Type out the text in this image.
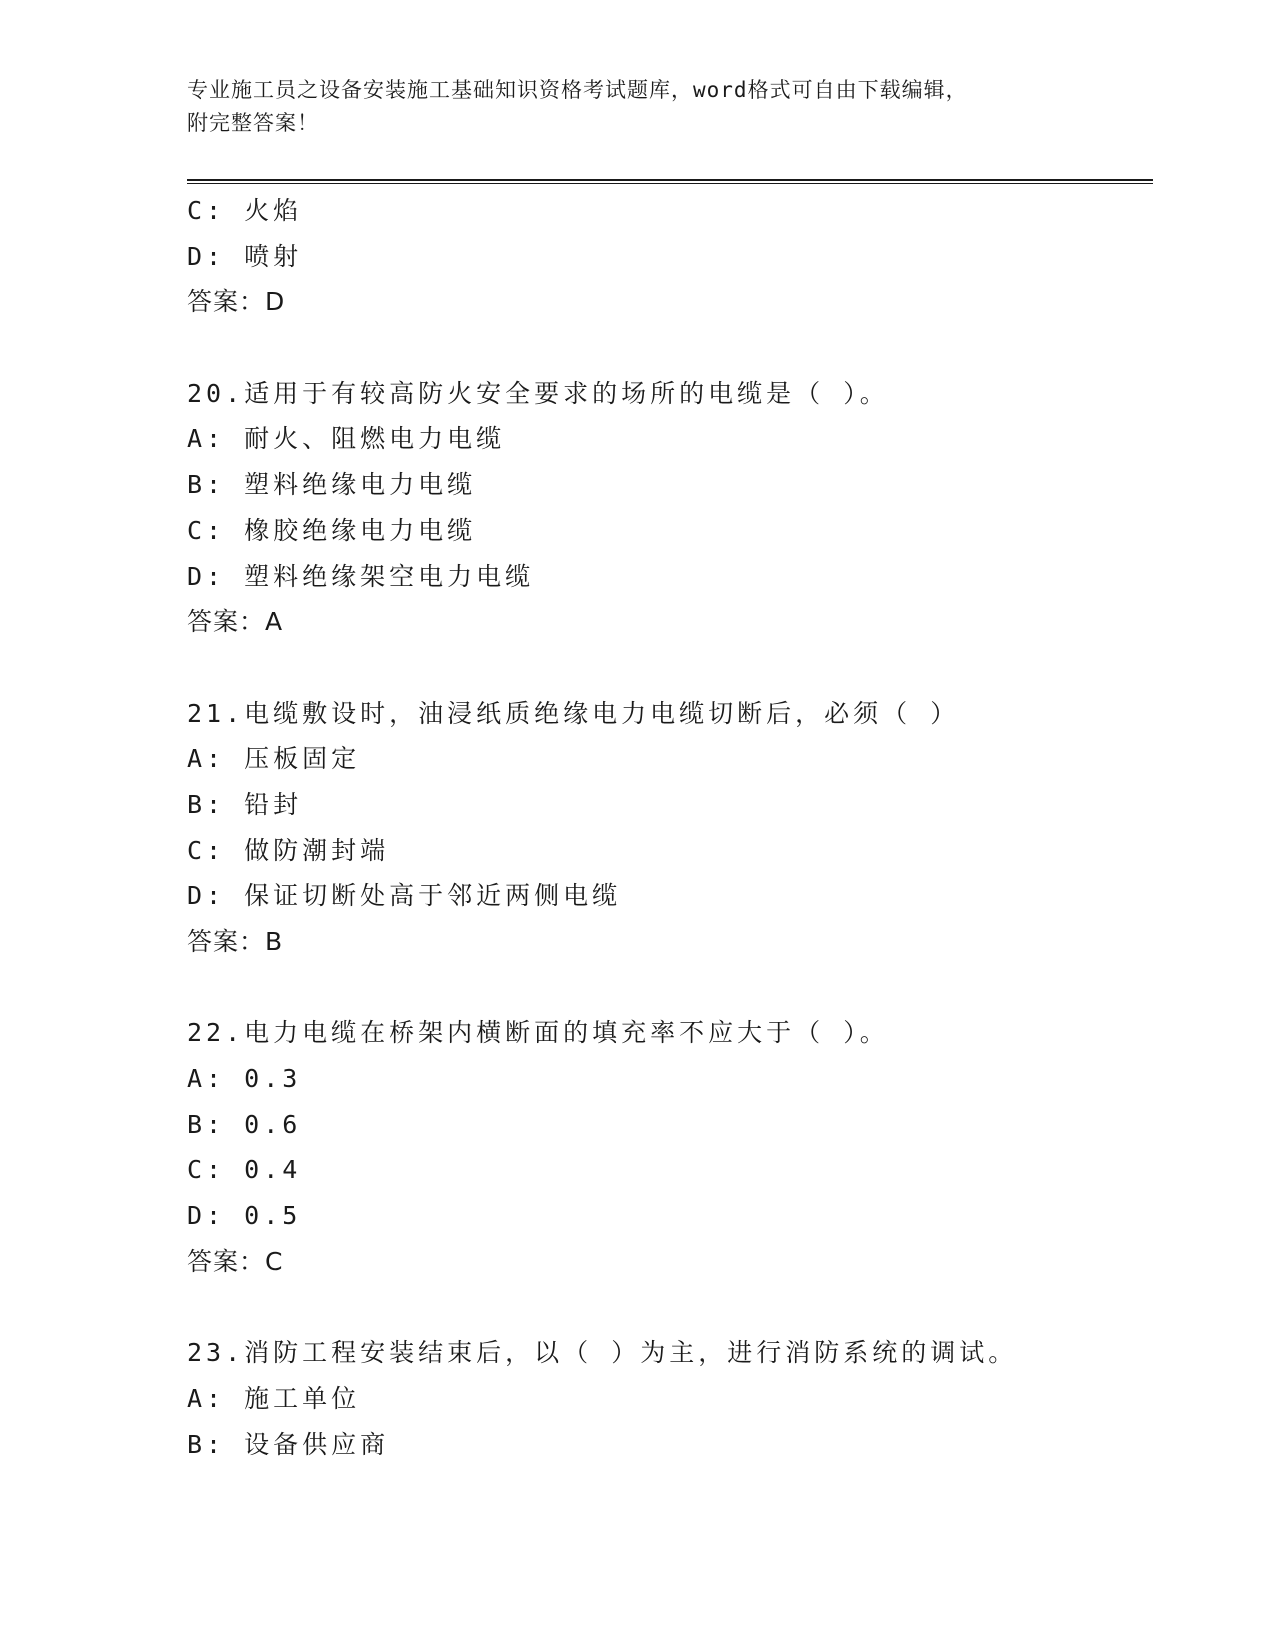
专业施工员之设备安装施工基础知识资格考试题库，word格式可自由下载编辑，
附完整答案！
C: 火焰
D: 喷射
答案：D
20.适用于有较高防火安全要求的场所的电缆是（ ）。
A: 耐火、阻燃电力电缆
B: 塑料绝缘电力电缆
C: 橡胶绝缘电力电缆
D: 塑料绝缘架空电力电缆
答案：A
21.电缆敷设时，油浸纸质绝缘电力电缆切断后，必须（ ）
A: 压板固定
B: 铅封
C: 做防潮封端
D: 保证切断处高于邻近两侧电缆
答案：B
22.电力电缆在桥架内横断面的填充率不应大于（ ）。
A: 0.3
B: 0.6
C: 0.4
D: 0.5
答案：C
23.消防工程安装结束后，以（ ）为主，进行消防系统的调试。
A: 施工单位
B: 设备供应商
